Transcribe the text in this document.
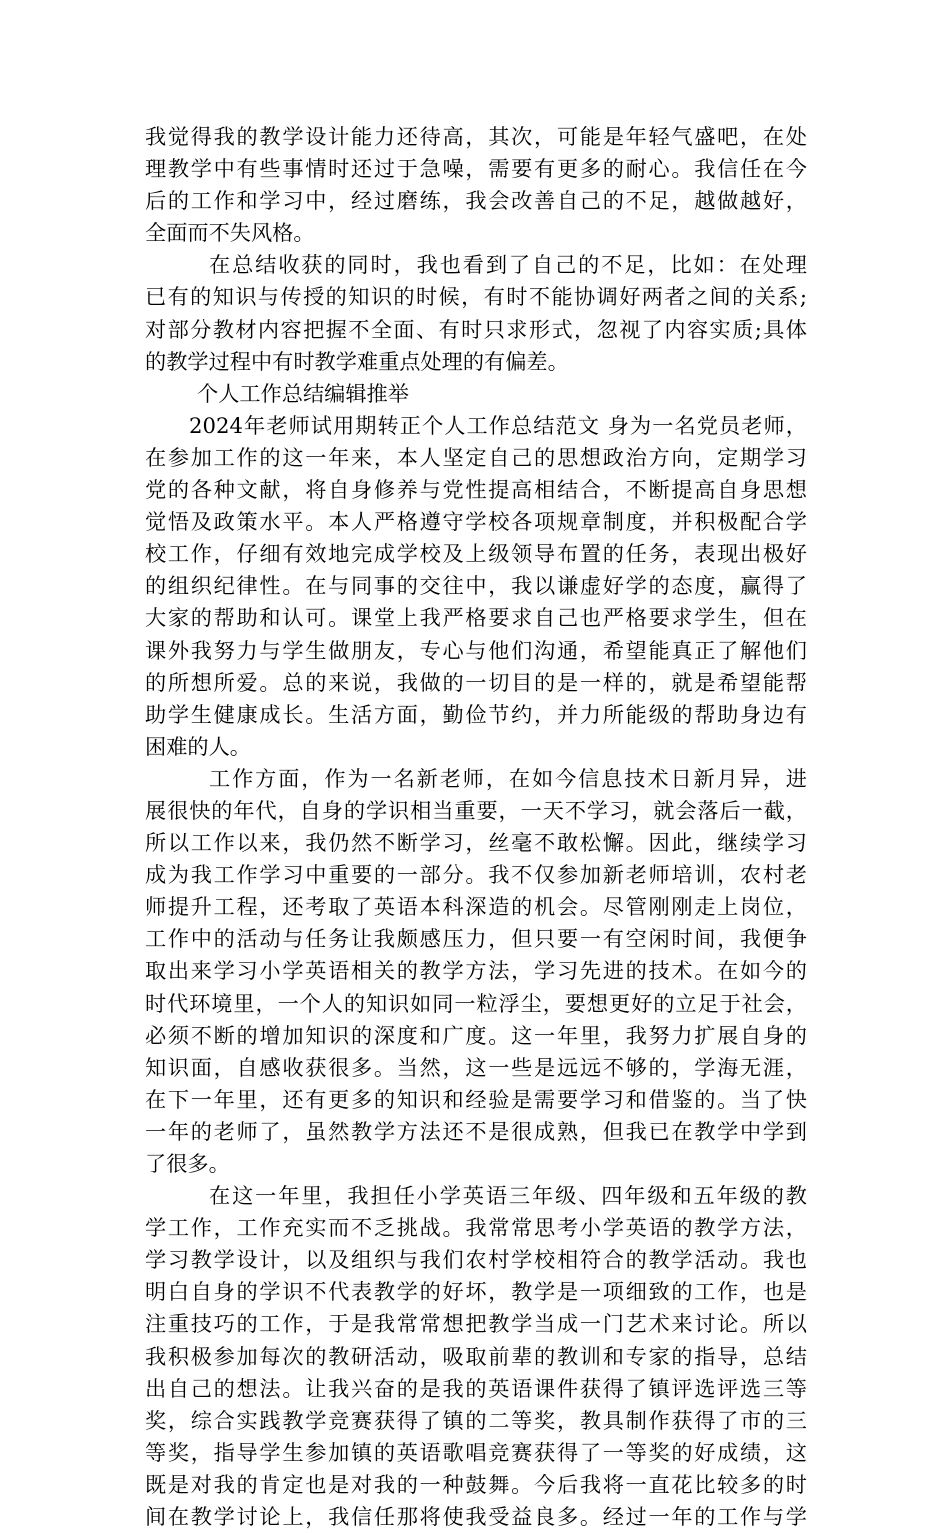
我觉得我的教学设计能力还待高，其次，可能是年轻气盛吧，在处
理教学中有些事情时还过于急噪，需要有更多的耐心。我信任在今
后的工作和学习中，经过磨练，我会改善自己的不足，越做越好，
全面而不失风格。
在总结收获的同时，我也看到了自己的不足，比如：在处理
已有的知识与传授的知识的时候，有时不能协调好两者之间的关系;
对部分教材内容把握不全面、有时只求形式，忽视了内容实质;具体
的教学过程中有时教学难重点处理的有偏差。
个人工作总结编辑推举
2024年老师试用期转正个人工作总结范文 身为一名党员老师，
在参加工作的这一年来，本人坚定自己的思想政治方向，定期学习
党的各种文献，将自身修养与党性提高相结合，不断提高自身思想
觉悟及政策水平。本人严格遵守学校各项规章制度，并积极配合学
校工作，仔细有效地完成学校及上级领导布置的任务，表现出极好
的组织纪律性。在与同事的交往中，我以谦虚好学的态度，赢得了
大家的帮助和认可。课堂上我严格要求自己也严格要求学生，但在
课外我努力与学生做朋友，专心与他们沟通，希望能真正了解他们
的所想所爱。总的来说，我做的一切目的是一样的，就是希望能帮
助学生健康成长。生活方面，勤俭节约，并力所能级的帮助身边有
困难的人。
工作方面，作为一名新老师，在如今信息技术日新月异，进
展很快的年代，自身的学识相当重要，一天不学习，就会落后一截，
所以工作以来，我仍然不断学习，丝毫不敢松懈。因此，继续学习
成为我工作学习中重要的一部分。我不仅参加新老师培训，农村老
师提升工程，还考取了英语本科深造的机会。尽管刚刚走上岗位，
工作中的活动与任务让我颇感压力，但只要一有空闲时间，我便争
取出来学习小学英语相关的教学方法，学习先进的技术。在如今的
时代环境里，一个人的知识如同一粒浮尘，要想更好的立足于社会，
必须不断的增加知识的深度和广度。这一年里，我努力扩展自身的
知识面，自感收获很多。当然，这一些是远远不够的，学海无涯，
在下一年里，还有更多的知识和经验是需要学习和借鉴的。当了快
一年的老师了，虽然教学方法还不是很成熟，但我已在教学中学到
了很多。
在这一年里，我担任小学英语三年级、四年级和五年级的教
学工作，工作充实而不乏挑战。我常常思考小学英语的教学方法，
学习教学设计，以及组织与我们农村学校相符合的教学活动。我也
明白自身的学识不代表教学的好坏，教学是一项细致的工作，也是
注重技巧的工作，于是我常常想把教学当成一门艺术来讨论。所以
我积极参加每次的教研活动，吸取前辈的教训和专家的指导，总结
出自己的想法。让我兴奋的是我的英语课件获得了镇评选评选三等
奖，综合实践教学竞赛获得了镇的二等奖，教具制作获得了市的三
等奖，指导学生参加镇的英语歌唱竞赛获得了一等奖的好成绩，这
既是对我的肯定也是对我的一种鼓舞。今后我将一直花比较多的时
间在教学讨论上，我信任那将使我受益良多。经过一年的工作与学
